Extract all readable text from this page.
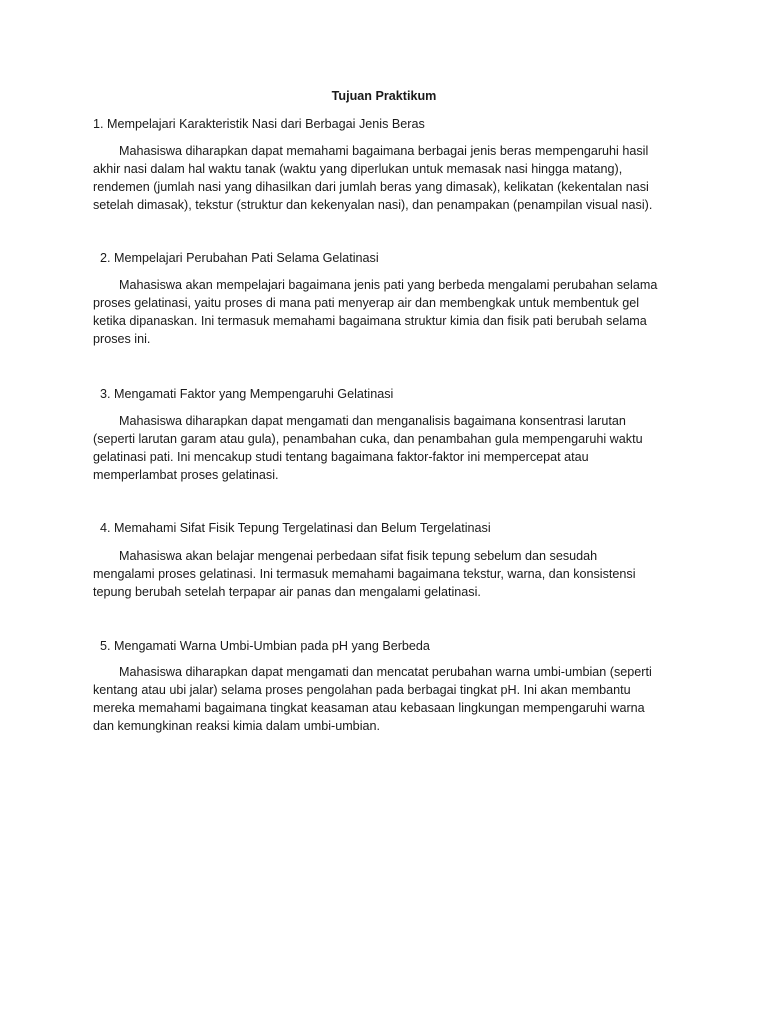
Tujuan Praktikum
1. Mempelajari Karakteristik Nasi dari Berbagai Jenis Beras
Mahasiswa diharapkan dapat memahami bagaimana berbagai jenis beras mempengaruhi hasil
akhir nasi dalam hal waktu tanak (waktu yang diperlukan untuk memasak nasi hingga matang),
rendemen (jumlah nasi yang dihasilkan dari jumlah beras yang dimasak), kelikatan (kekentalan nasi
setelah dimasak), tekstur (struktur dan kekenyalan nasi), dan penampakan (penampilan visual nasi).
2. Mempelajari Perubahan Pati Selama Gelatinasi
Mahasiswa akan mempelajari bagaimana jenis pati yang berbeda mengalami perubahan selama
proses gelatinasi, yaitu proses di mana pati menyerap air dan membengkak untuk membentuk gel
ketika dipanaskan. Ini termasuk memahami bagaimana struktur kimia dan fisik pati berubah selama
proses ini.
3. Mengamati Faktor yang Mempengaruhi Gelatinasi
Mahasiswa diharapkan dapat mengamati dan menganalisis bagaimana konsentrasi larutan
(seperti larutan garam atau gula), penambahan cuka, dan penambahan gula mempengaruhi waktu
gelatinasi pati. Ini mencakup studi tentang bagaimana faktor-faktor ini mempercepat atau
memperlambat proses gelatinasi.
4. Memahami Sifat Fisik Tepung Tergelatinasi dan Belum Tergelatinasi
Mahasiswa akan belajar mengenai perbedaan sifat fisik tepung sebelum dan sesudah
mengalami proses gelatinasi. Ini termasuk memahami bagaimana tekstur, warna, dan konsistensi
tepung berubah setelah terpapar air panas dan mengalami gelatinasi.
5. Mengamati Warna Umbi-Umbian pada pH yang Berbeda
Mahasiswa diharapkan dapat mengamati dan mencatat perubahan warna umbi-umbian (seperti
kentang atau ubi jalar) selama proses pengolahan pada berbagai tingkat pH. Ini akan membantu
mereka memahami bagaimana tingkat keasaman atau kebasaan lingkungan mempengaruhi warna
dan kemungkinan reaksi kimia dalam umbi-umbian.
